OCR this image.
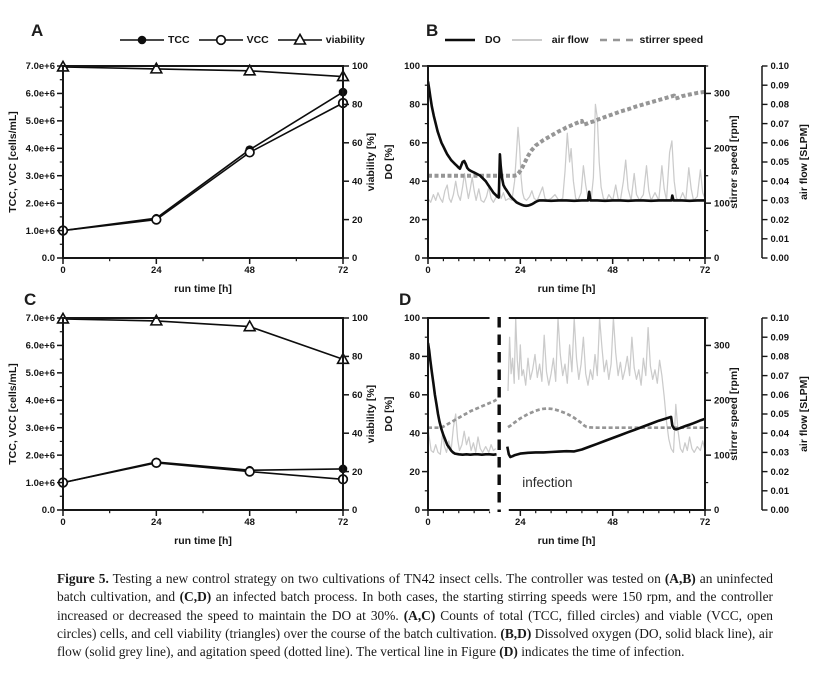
0	24	48	72
run time [h]
0.0
1.0e+6
2.0e+6
3.0e+6
4.0e+6
5.0e+6
6.0e+6
7.0e+6
TCC, VCC [cells/mL]
0
20
40
60
80
100
viability [%]
0	24	48	72
run time [h]
0
20
40
60
80
100
DO [%]
0
100
200
300
stirrer speed [rpm]
0.00
0.01
0.02
0.03
0.04
0.05
0.06
0.07
0.08
0.09
0.10
air flow [SLPM]
0	24	48	72
run time [h]
0.0
1.0e+6
2.0e+6
3.0e+6
4.0e+6
5.0e+6
6.0e+6
7.0e+6
TCC, VCC [cells/mL]
0
20
40
60
80
100
viability [%]
0	24	48	72
run time [h]
0
20
40
60
80
100
DO [%]
0
100
200
300
stirrer speed [rpm]
0.00
0.01
0.02
0.03
0.04
0.05
0.06
0.07
0.08
0.09
0.10
air flow [SLPM]
infection
A	B
C	D
TCC	VCC	viability	DO	air flow	stirrer speed
Figure 5. Testing a new control strategy on two cultivations of TN42 insect cells. The controller was tested on (A,B) an uninfected batch cultivation, and (C,D) an infected batch process. In both cases, the starting stirring speeds were 150 rpm, and the controller increased or decreased the speed to maintain the DO at 30%. (A,C) Counts of total (TCC, filled circles) and viable (VCC, open circles) cells, and cell viability (triangles) over the course of the batch cultivation. (B,D) Dissolved oxygen (DO, solid black line), air flow (solid grey line), and agitation speed (dotted line). The vertical line in Figure (D) indicates the time of infection.
